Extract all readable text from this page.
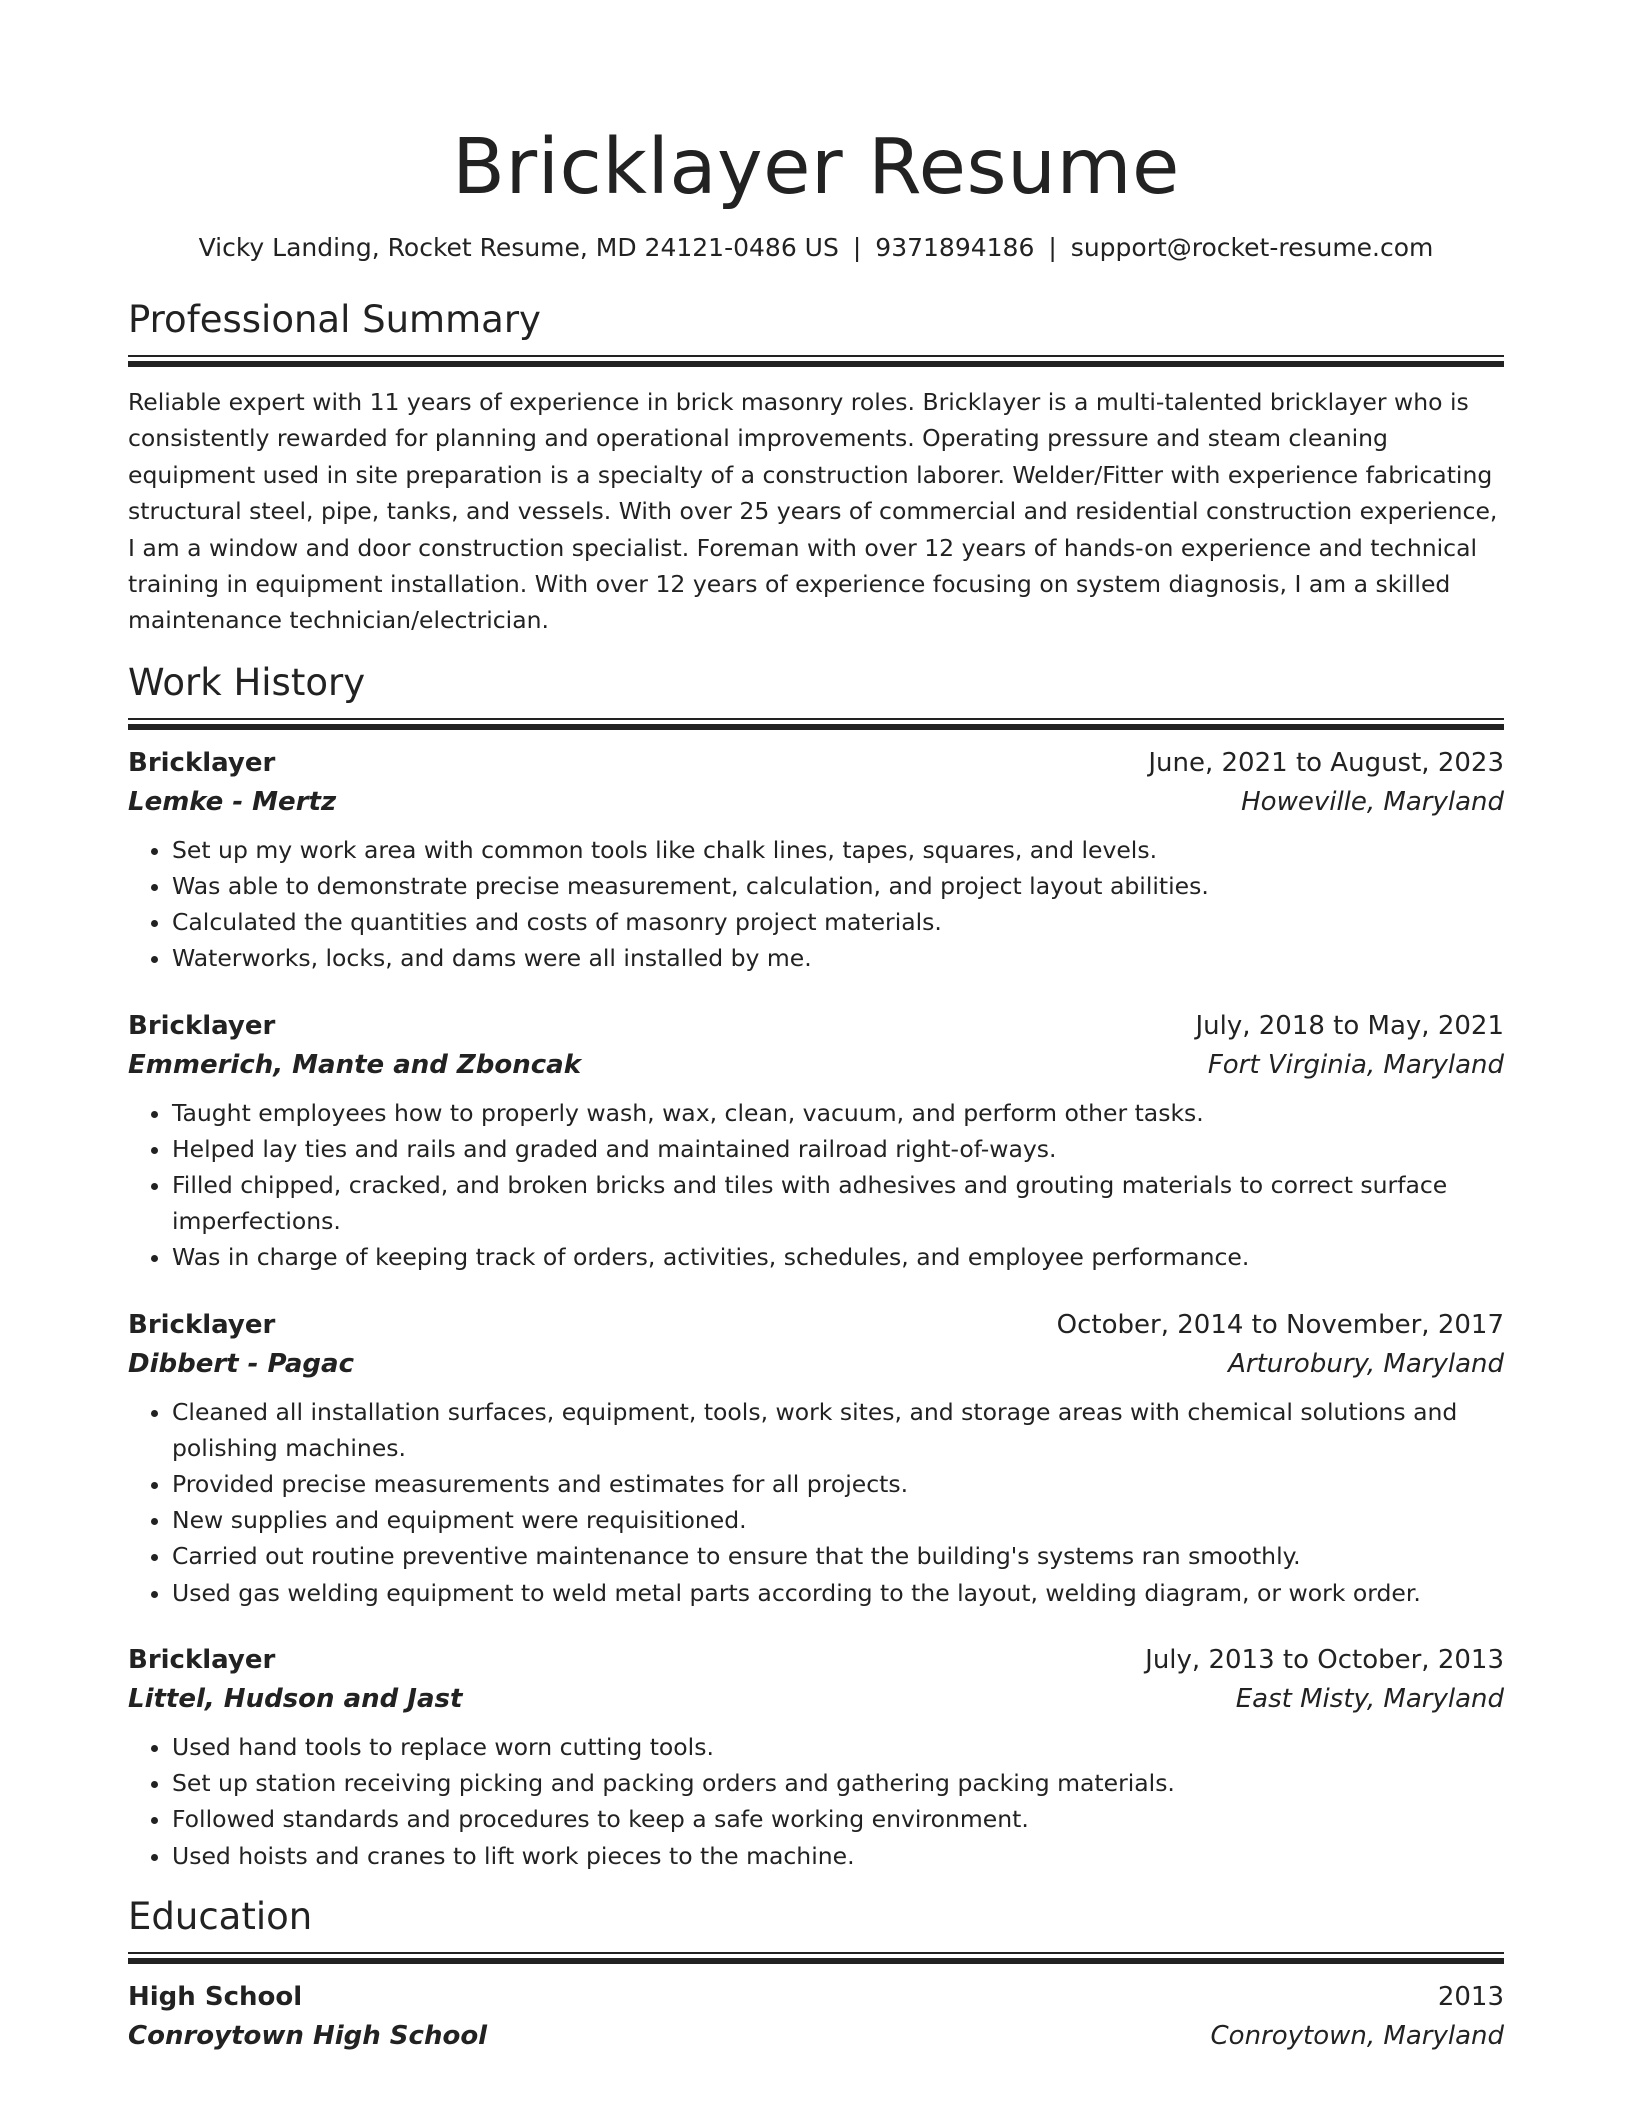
Bricklayer Resume
Vicky Landing, Rocket Resume, MD 24121-0486 US | 9371894186 | support@rocket-resume.com
Professional Summary
Reliable expert with 11 years of experience in brick masonry roles. Bricklayer is a multi-talented bricklayer who is consistently rewarded for planning and operational improvements. Operating pressure and steam cleaning equipment used in site preparation is a specialty of a construction laborer. Welder/Fitter with experience fabricating structural steel, pipe, tanks, and vessels. With over 25 years of commercial and residential construction experience, I am a window and door construction specialist. Foreman with over 12 years of hands-on experience and technical training in equipment installation. With over 12 years of experience focusing on system diagnosis, I am a skilled maintenance technician/electrician.
Work History
Bricklayer	June, 2021 to August, 2023
Lemke - Mertz	Howeville, Maryland
• Set up my work area with common tools like chalk lines, tapes, squares, and levels.
• Was able to demonstrate precise measurement, calculation, and project layout abilities.
• Calculated the quantities and costs of masonry project materials.
• Waterworks, locks, and dams were all installed by me.
Bricklayer	July, 2018 to May, 2021
Emmerich, Mante and Zboncak	Fort Virginia, Maryland
• Taught employees how to properly wash, wax, clean, vacuum, and perform other tasks.
• Helped lay ties and rails and graded and maintained railroad right-of-ways.
• Filled chipped, cracked, and broken bricks and tiles with adhesives and grouting materials to correct surface imperfections.
• Was in charge of keeping track of orders, activities, schedules, and employee performance.
Bricklayer	October, 2014 to November, 2017
Dibbert - Pagac	Arturobury, Maryland
• Cleaned all installation surfaces, equipment, tools, work sites, and storage areas with chemical solutions and polishing machines.
• Provided precise measurements and estimates for all projects.
• New supplies and equipment were requisitioned.
• Carried out routine preventive maintenance to ensure that the building's systems ran smoothly.
• Used gas welding equipment to weld metal parts according to the layout, welding diagram, or work order.
Bricklayer	July, 2013 to October, 2013
Littel, Hudson and Jast	East Misty, Maryland
• Used hand tools to replace worn cutting tools.
• Set up station receiving picking and packing orders and gathering packing materials.
• Followed standards and procedures to keep a safe working environment.
• Used hoists and cranes to lift work pieces to the machine.
Education
High School	2013
Conroytown High School	Conroytown, Maryland
